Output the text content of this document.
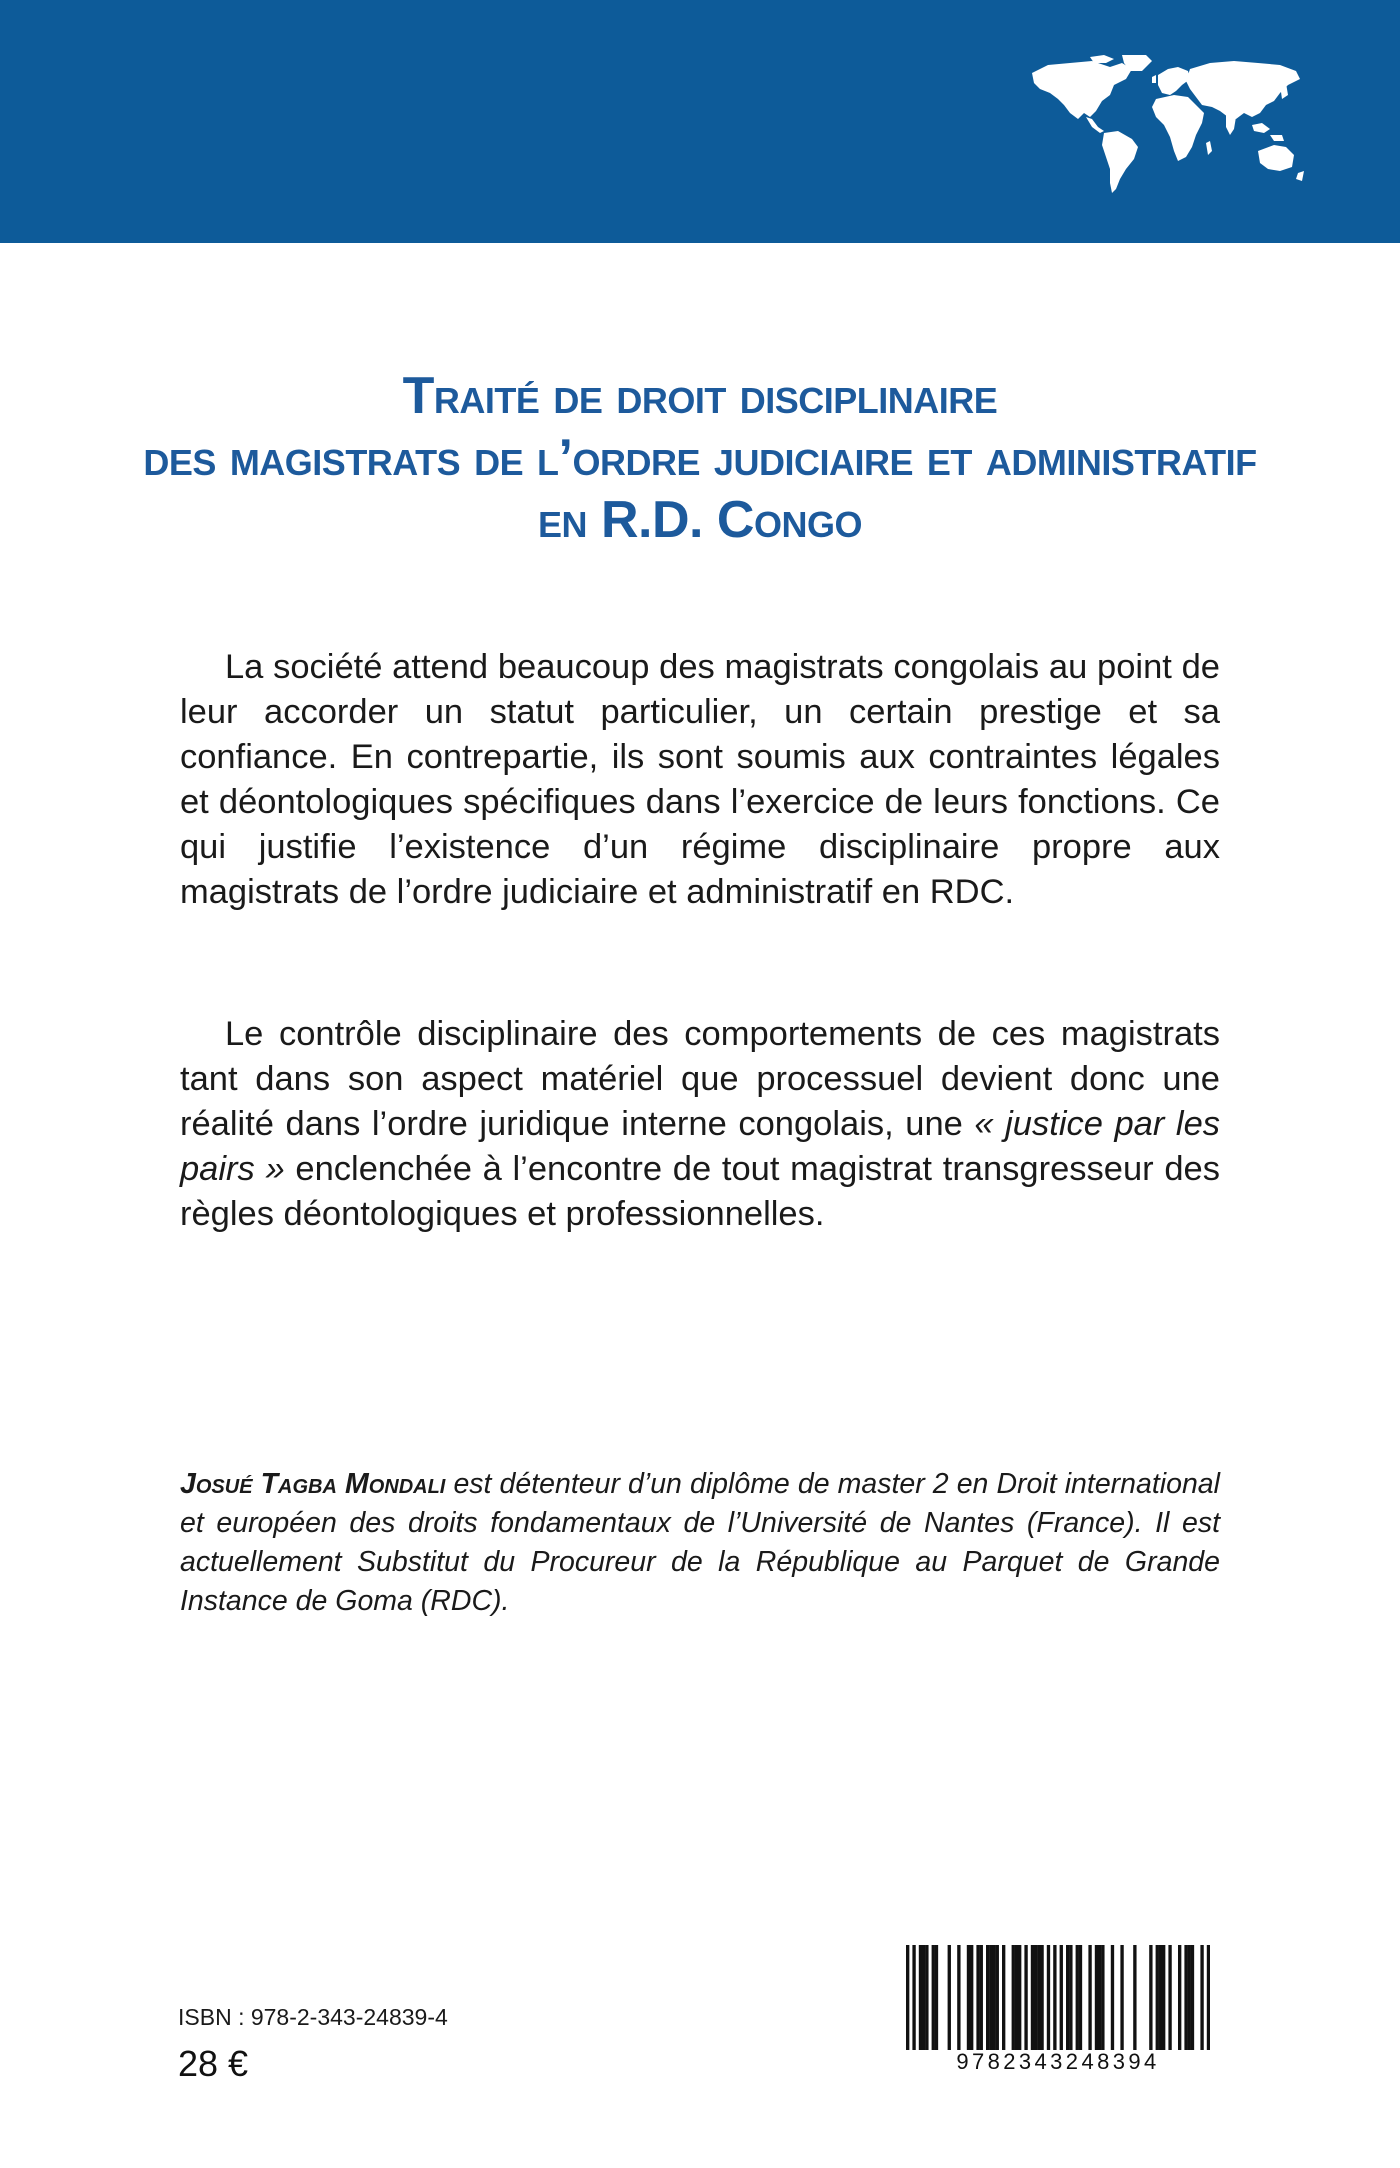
Traité de droit disciplinaire
des magistrats de l’ordre judiciaire et administratif
en R.D. Congo
La société attend beaucoup des magistrats congolais au point de leur accorder un statut particulier, un certain prestige et sa confiance. En contrepartie, ils sont soumis aux contraintes légales et déontologiques spécifiques dans l’exercice de leurs fonctions. Ce qui justifie l’existence d’un régime disciplinaire propre aux magistrats de l’ordre judiciaire et administratif en RDC.
Le contrôle disciplinaire des comportements de ces magistrats tant dans son aspect matériel que processuel devient donc une réalité dans l’ordre juridique interne congolais, une « justice par les pairs » enclenchée à l’encontre de tout magistrat transgresseur des règles déontologiques et professionnelles.
Josué Tagba Mondali est détenteur d’un diplôme de master 2 en Droit international et européen des droits fondamentaux de l’Université de Nantes (France). Il est actuellement Substitut du Procureur de la République au Parquet de Grande Instance de Goma (RDC).
ISBN : 978-2-343-24839-4
28 €	9782343248394
